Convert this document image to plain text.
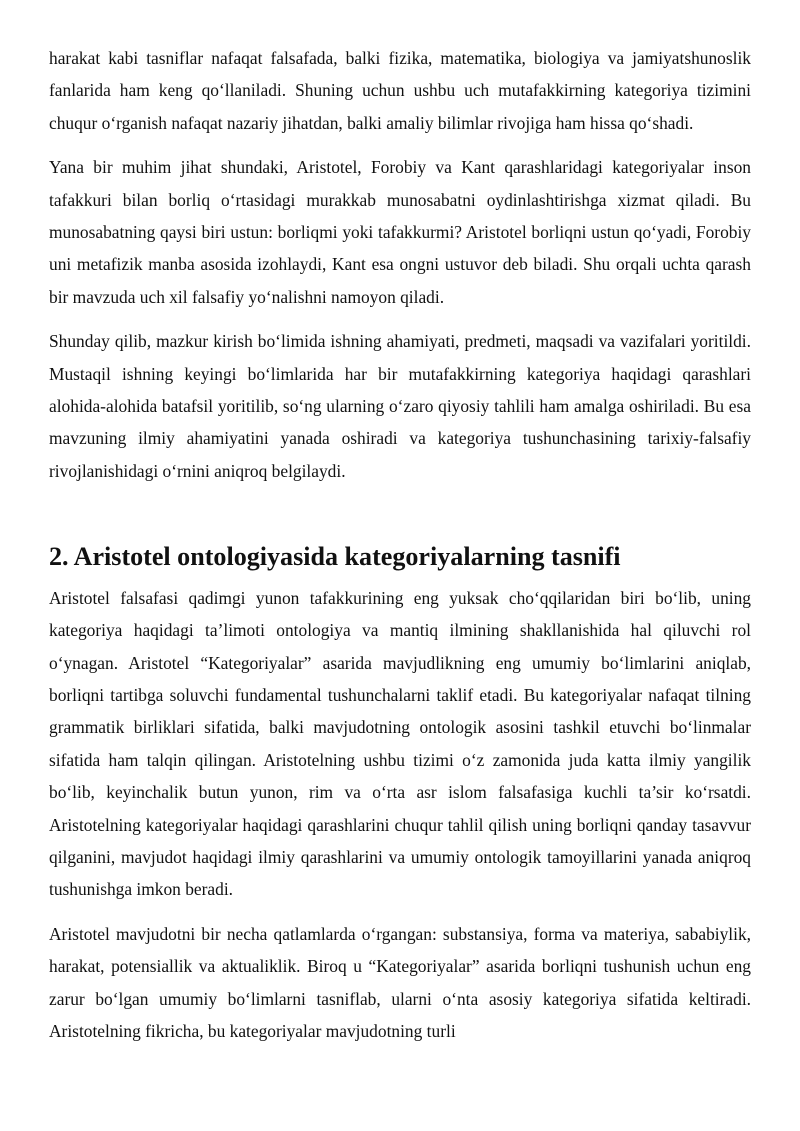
harakat kabi tasniflar nafaqat falsafada, balki fizika, matematika, biologiya va jamiyatshunoslik fanlarida ham keng qo‘llaniladi. Shuning uchun ushbu uch mutafakkirning kategoriya tizimini chuqur o‘rganish nafaqat nazariy jihatdan, balki amaliy bilimlar rivojiga ham hissa qo‘shadi.

Yana bir muhim jihat shundaki, Aristotel, Forobiy va Kant qarashlaridagi kategoriyalar inson tafakkuri bilan borliq o‘rtasidagi murakkab munosabatni oydinlashtirishga xizmat qiladi. Bu munosabatning qaysi biri ustun: borliqmi yoki tafakkurmi? Aristotel borliqni ustun qo‘yadi, Forobiy uni metafizik manba asosida izohlaydi, Kant esa ongni ustuvor deb biladi. Shu orqali uchta qarash bir mavzuda uch xil falsafiy yo‘nalishni namoyon qiladi.

Shunday qilib, mazkur kirish bo‘limida ishning ahamiyati, predmeti, maqsadi va vazifalari yoritildi. Mustaqil ishning keyingi bo‘limlarida har bir mutafakkirning kategoriya haqidagi qarashlari alohida-alohida batafsil yoritilib, so‘ng ularning o‘zaro qiyosiy tahlili ham amalga oshiriladi. Bu esa mavzuning ilmiy ahamiyatini yanada oshiradi va kategoriya tushunchasining tarixiy-falsafiy rivojlanishidagi o‘rnini aniqroq belgilaydi.

2. Aristotel ontologiyasida kategoriyalarning tasnifi

Aristotel falsafasi qadimgi yunon tafakkurining eng yuksak cho‘qqilaridan biri bo‘lib, uning kategoriya haqidagi ta’limoti ontologiya va mantiq ilmining shakllanishida hal qiluvchi rol o‘ynagan. Aristotel “Kategoriyalar” asarida mavjudlikning eng umumiy bo‘limlarini aniqlab, borliqni tartibga soluvchi fundamental tushunchalarni taklif etadi. Bu kategoriyalar nafaqat tilning grammatik birliklari sifatida, balki mavjudotning ontologik asosini tashkil etuvchi bo‘linmalar sifatida ham talqin qilingan. Aristotelning ushbu tizimi o‘z zamonida juda katta ilmiy yangilik bo‘lib, keyinchalik butun yunon, rim va o‘rta asr islom falsafasiga kuchli ta’sir ko‘rsatdi. Aristotelning kategoriyalar haqidagi qarashlarini chuqur tahlil qilish uning borliqni qanday tasavvur qilganini, mavjudot haqidagi ilmiy qarashlarini va umumiy ontologik tamoyillarini yanada aniqroq tushunishga imkon beradi.

Aristotel mavjudotni bir necha qatlamlarda o‘rgangan: substansiya, forma va materiya, sababiylik, harakat, potensiallik va aktualiklik. Biroq u “Kategoriyalar” asarida borliqni tushunish uchun eng zarur bo‘lgan umumiy bo‘limlarni tasniflab, ularni o‘nta asosiy kategoriya sifatida keltiradi. Aristotelning fikricha, bu kategoriyalar mavjudotning turli
